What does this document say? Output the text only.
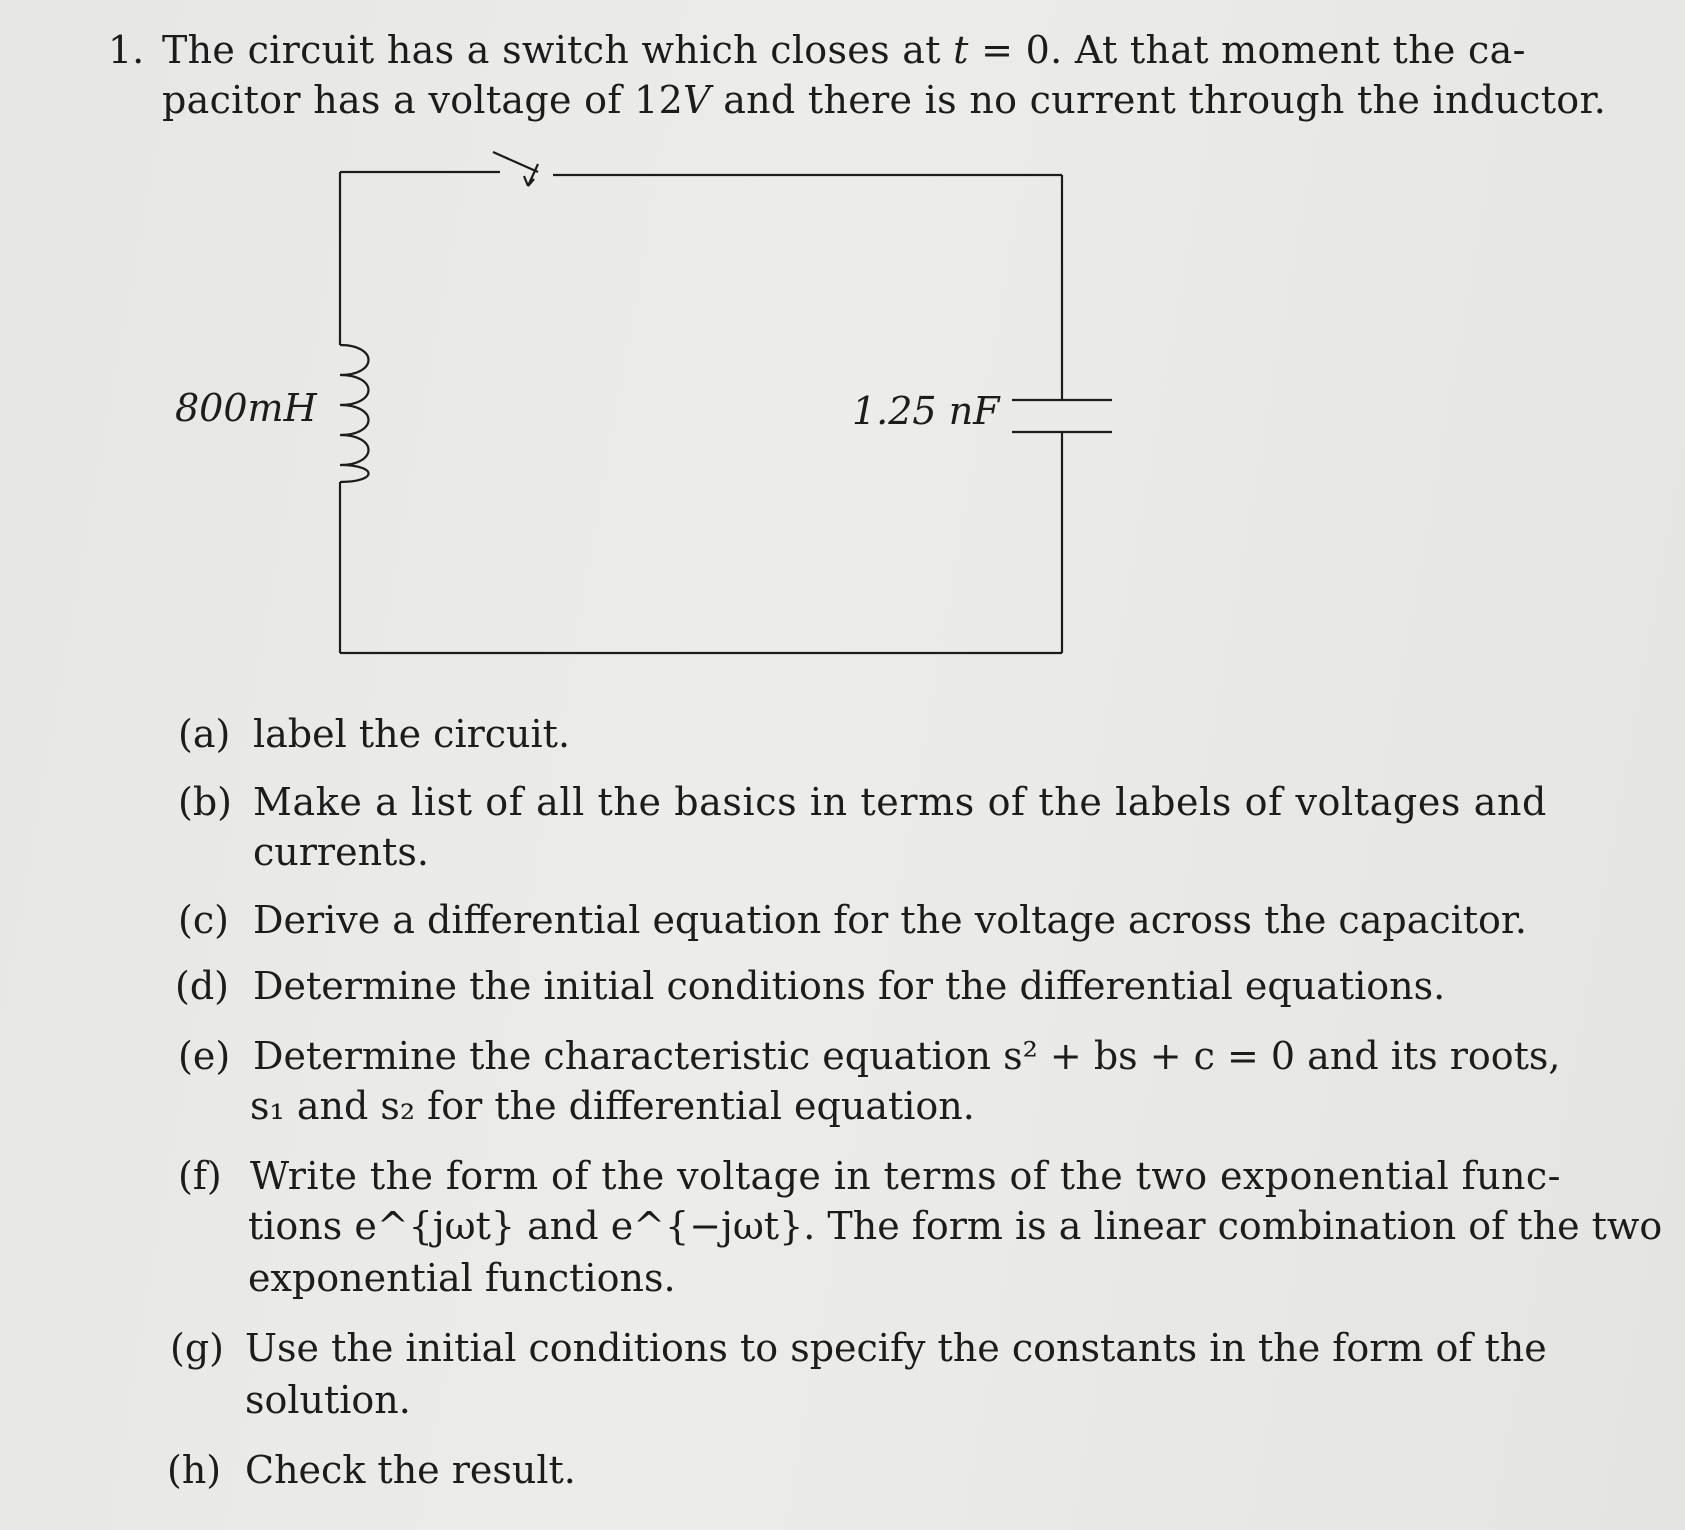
1. The circuit has a switch which closes at t = 0. At that moment the ca-
pacitor has a voltage of 12V and there is no current through the inductor.
800mH	1.25 nF
(a) label the circuit.
(b) Make a list of all the basics in terms of the labels of voltages and
currents.
(c) Derive a differential equation for the voltage across the capacitor.
(d) Determine the initial conditions for the differential equations.
(e) Determine the characteristic equation s² + bs + c = 0 and its roots,
s₁ and s₂ for the differential equation.
(f) Write the form of the voltage in terms of the two exponential func-
tions e^{jωt} and e^{−jωt}. The form is a linear combination of the two
exponential functions.
(g) Use the initial conditions to specify the constants in the form of the
solution.
(h) Check the result.
